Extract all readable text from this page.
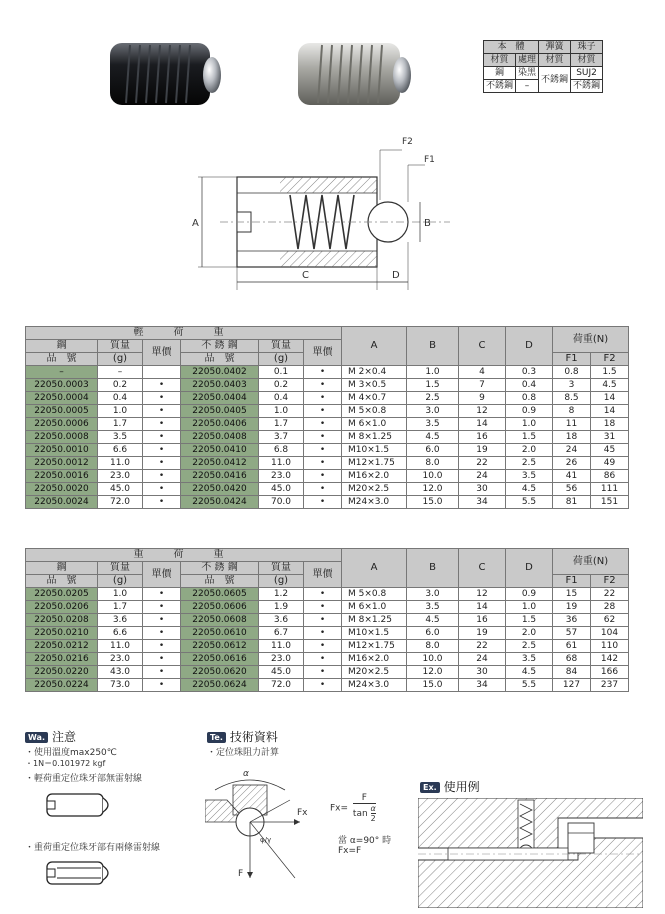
本　體		彈簧	珠子
材質	處理	材質	材質
鋼	染黑	不銹鋼	SUJ2
不銹鋼	–		不銹鋼
A	B
C	D
F2
F1
輕　荷　重						A	B	C	D	荷重(N)	
鋼	質量	單價	不 銹 鋼	質量	單價						
品　號	(g)		品　號	(g)						F1	F2
–	–		22050.0402	0.1	•	M 2×0.4	1.0	4	0.3	0.8	1.5
22050.0003	0.2	•	22050.0403	0.2	•	M 3×0.5	1.5	7	0.4	3	4.5
22050.0004	0.4	•	22050.0404	0.4	•	M 4×0.7	2.5	9	0.8	8.5	14
22050.0005	1.0	•	22050.0405	1.0	•	M 5×0.8	3.0	12	0.9	8	14
22050.0006	1.7	•	22050.0406	1.7	•	M 6×1.0	3.5	14	1.0	11	18
22050.0008	3.5	•	22050.0408	3.7	•	M 8×1.25	4.5	16	1.5	18	31
22050.0010	6.6	•	22050.0410	6.8	•	M10×1.5	6.0	19	2.0	24	45
22050.0012	11.0	•	22050.0412	11.0	•	M12×1.75	8.0	22	2.5	26	49
22050.0016	23.0	•	22050.0416	23.0	•	M16×2.0	10.0	24	3.5	41	86
22050.0020	45.0	•	22050.0420	45.0	•	M20×2.5	12.0	30	4.5	56	111
22050.0024	72.0	•	22050.0424	70.0	•	M24×3.0	15.0	34	5.5	81	151
重　荷　重						A	B	C	D	荷重(N)	
鋼	質量	單價	不 銹 鋼	質量	單價						
品　號	(g)		品　號	(g)						F1	F2
22050.0205	1.0	•	22050.0605	1.2	•	M 5×0.8	3.0	12	0.9	15	22
22050.0206	1.7	•	22050.0606	1.9	•	M 6×1.0	3.5	14	1.0	19	28
22050.0208	3.6	•	22050.0608	3.6	•	M 8×1.25	4.5	16	1.5	36	62
22050.0210	6.6	•	22050.0610	6.7	•	M10×1.5	6.0	19	2.0	57	104
22050.0212	11.0	•	22050.0612	11.0	•	M12×1.75	8.0	22	2.5	61	110
22050.0216	23.0	•	22050.0616	23.0	•	M16×2.0	10.0	24	3.5	68	142
22050.0220	43.0	•	22050.0620	45.0	•	M20×2.5	12.0	30	4.5	84	166
22050.0224	73.0	•	22050.0624	72.0	•	M24×3.0	15.0	34	5.5	127	237
Wa. 注意
・使用溫度max250℃
・1N＝0.101972 kgf
・輕荷重定位珠牙部無雷射線
・重荷重定位珠牙部有兩條雷射線
Te. 技術資料
・定位珠阻力計算
α
Fx
F
φ/γ
$Fx= \frac{F}{\tan \frac{\alpha}{2}}$
當 α=90° 時
Fx=F
Ex. 使用例
